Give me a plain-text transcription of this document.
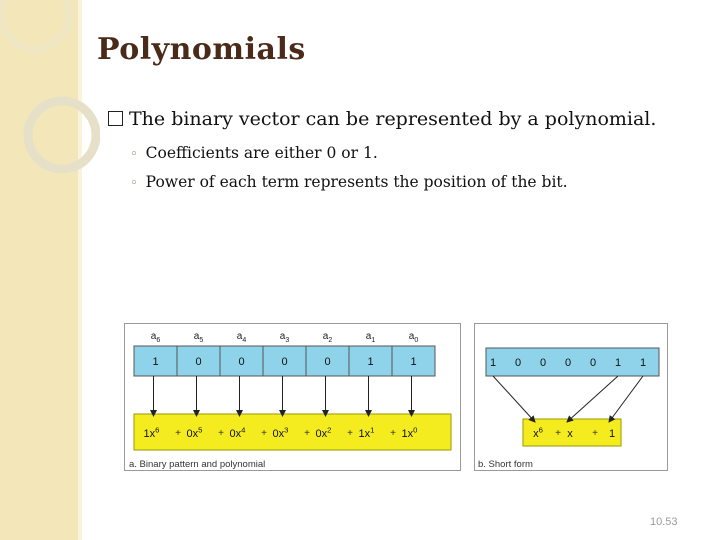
Polynomials
The binary vector can be represented by a polynomial.
◦ Coefficients are either 0 or 1.
◦ Power of each term represents the position of the bit.
$a_6$	$a_5$	$a_4$	$a_3$	$a_2$	$a_1$	$a_0$
1	0	0	0	0	1	1
$1x^6 + 0x^5 + 0x^4 + 0x^3 + 0x^2 + 1x^1 + 1x^0$
a. Binary pattern and polynomial
1 0 0 0 0 1 1
$x^6 + x + 1$
b. Short form
10.53
